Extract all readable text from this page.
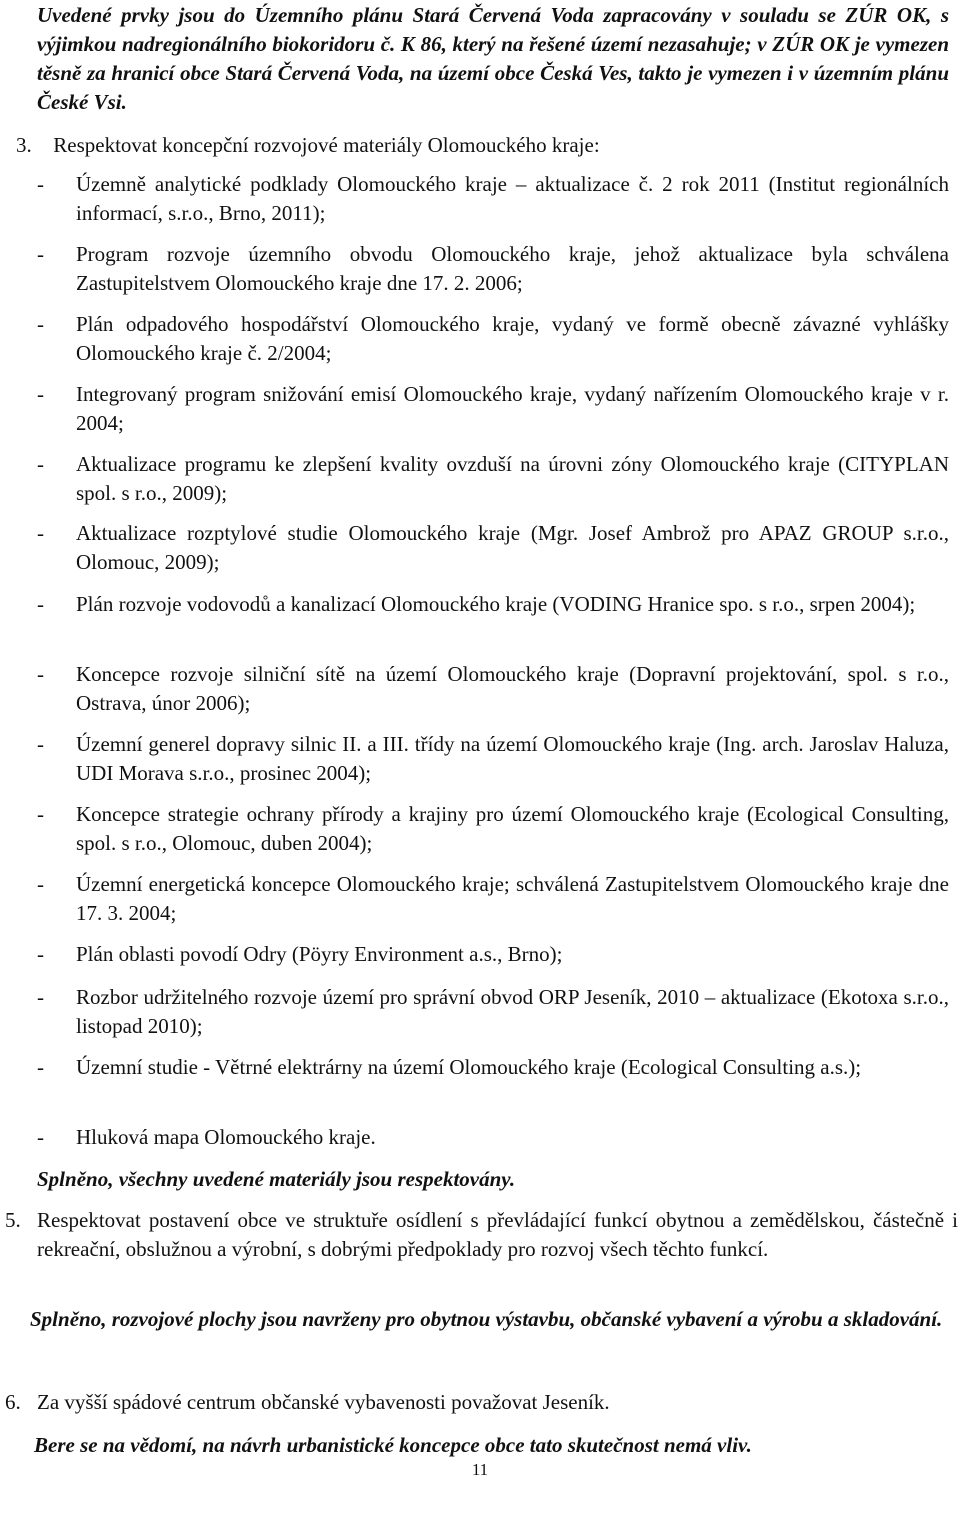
Uvedené prvky jsou do Územního plánu Stará Červená Voda zapracovány v souladu se ZÚR OK, s výjimkou nadregionálního biokoridoru č. K 86, který na řešené území nezasahuje; v ZÚR OK je vymezen těsně za hranicí obce Stará Červená Voda, na území obce Česká Ves, takto je vymezen i v územním plánu České Vsi.

3. Respektovat koncepční rozvojové materiály Olomouckého kraje:
- Územně analytické podklady Olomouckého kraje – aktualizace č. 2 rok 2011 (Institut regionálních informací, s.r.o., Brno, 2011);
- Program rozvoje územního obvodu Olomouckého kraje, jehož aktualizace byla schválena Zastupitelstvem Olomouckého kraje dne 17. 2. 2006;
- Plán odpadového hospodářství Olomouckého kraje, vydaný ve formě obecně závazné vyhlášky Olomouckého kraje č. 2/2004;
- Integrovaný program snižování emisí Olomouckého kraje, vydaný nařízením Olomouckého kraje v r. 2004;
- Aktualizace programu ke zlepšení kvality ovzduší na úrovni zóny Olomouckého kraje (CITYPLAN spol. s r.o., 2009);
- Aktualizace rozptylové studie Olomouckého kraje (Mgr. Josef Ambrož pro APAZ GROUP s.r.o., Olomouc, 2009);
- Plán rozvoje vodovodů a kanalizací Olomouckého kraje (VODING Hranice spo. s r.o., srpen 2004);
- Koncepce rozvoje silniční sítě na území Olomouckého kraje (Dopravní projektování, spol. s r.o., Ostrava, únor 2006);
- Územní generel dopravy silnic II. a III. třídy na území Olomouckého kraje (Ing. arch. Jaroslav Haluza, UDI Morava s.r.o., prosinec 2004);
- Koncepce strategie ochrany přírody a krajiny pro území Olomouckého kraje (Ecological Consulting, spol. s r.o., Olomouc, duben 2004);
- Územní energetická koncepce Olomouckého kraje; schválená Zastupitelstvem Olomouckého kraje dne 17. 3. 2004;
- Plán oblasti povodí Odry (Pöyry Environment a.s., Brno);
- Rozbor udržitelného rozvoje území pro správní obvod ORP Jeseník, 2010 – aktualizace (Ekotoxa s.r.o., listopad 2010);
- Územní studie - Větrné elektrárny na území Olomouckého kraje (Ecological Consulting a.s.);
- Hluková mapa Olomouckého kraje.

Splněno, všechny uvedené materiály jsou respektovány.

5. Respektovat postavení obce ve struktuře osídlení s převládající funkcí obytnou a zemědělskou, částečně i rekreační, obslužnou a výrobní, s dobrými předpoklady pro rozvoj všech těchto funkcí.

Splněno, rozvojové plochy jsou navrženy pro obytnou výstavbu, občanské vybavení a výrobu a skladování.

6. Za vyšší spádové centrum občanské vybavenosti považovat Jeseník.

Bere se na vědomí, na návrh urbanistické koncepce obce tato skutečnost nemá vliv.

11
